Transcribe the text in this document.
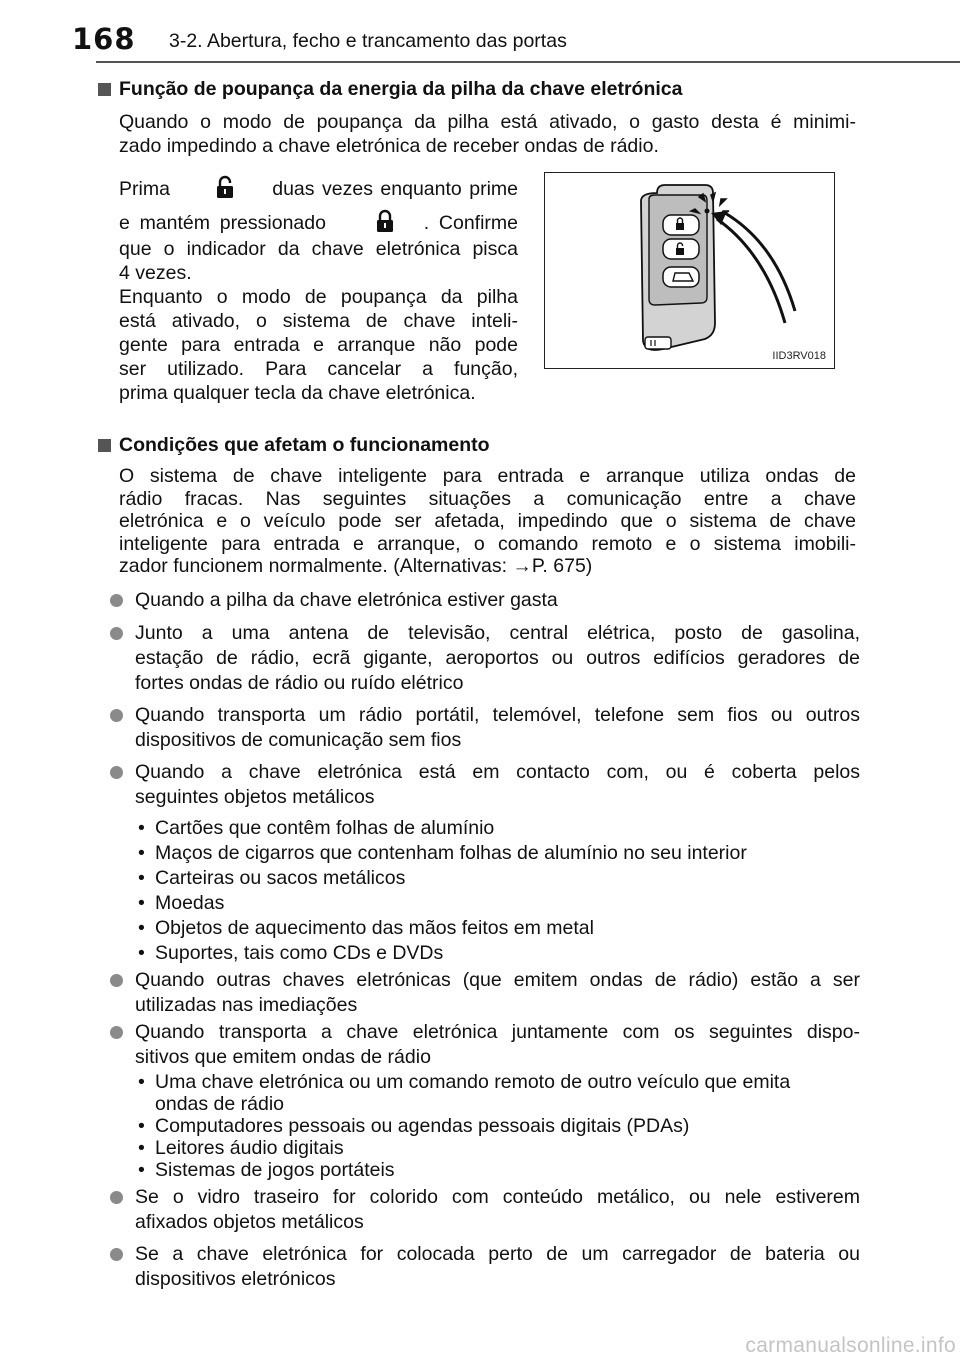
168 3-2. Abertura, fecho e trancamento das portas
Função de poupança da energia da pilha da chave eletrónica
Quando o modo de poupança da pilha está ativado, o gasto desta é minimi-
zado impedindo a chave eletrónica de receber ondas de rádio.
Prima	duas vezes enquanto prime
e mantém pressionado	. Confirme
que o indicador da chave eletrónica pisca
4 vezes.
Enquanto o modo de poupança da pilha
está ativado, o sistema de chave inteli-
gente para entrada e arranque não pode
ser utilizado. Para cancelar a função,
prima qualquer tecla da chave eletrónica.
IID3RV018
Condições que afetam o funcionamento
O sistema de chave inteligente para entrada e arranque utiliza ondas de
rádio fracas. Nas seguintes situações a comunicação entre a chave
eletrónica e o veículo pode ser afetada, impedindo que o sistema de chave
inteligente para entrada e arranque, o comando remoto e o sistema imobili-
zador funcionem normalmente. (Alternativas: →P. 675)
Quando a pilha da chave eletrónica estiver gasta
Junto a uma antena de televisão, central elétrica, posto de gasolina,
estação de rádio, ecrã gigante, aeroportos ou outros edifícios geradores de
fortes ondas de rádio ou ruído elétrico
Quando transporta um rádio portátil, telemóvel, telefone sem fios ou outros
dispositivos de comunicação sem fios
Quando a chave eletrónica está em contacto com, ou é coberta pelos
seguintes objetos metálicos
• Cartões que contêm folhas de alumínio
• Maços de cigarros que contenham folhas de alumínio no seu interior
• Carteiras ou sacos metálicos
• Moedas
• Objetos de aquecimento das mãos feitos em metal
• Suportes, tais como CDs e DVDs
Quando outras chaves eletrónicas (que emitem ondas de rádio) estão a ser
utilizadas nas imediações
Quando transporta a chave eletrónica juntamente com os seguintes dispo-
sitivos que emitem ondas de rádio
• Uma chave eletrónica ou um comando remoto de outro veículo que emita
ondas de rádio
• Computadores pessoais ou agendas pessoais digitais (PDAs)
• Leitores áudio digitais
• Sistemas de jogos portáteis
Se o vidro traseiro for colorido com conteúdo metálico, ou nele estiverem
afixados objetos metálicos
Se a chave eletrónica for colocada perto de um carregador de bateria ou
dispositivos eletrónicos
carmanualsonline.info
